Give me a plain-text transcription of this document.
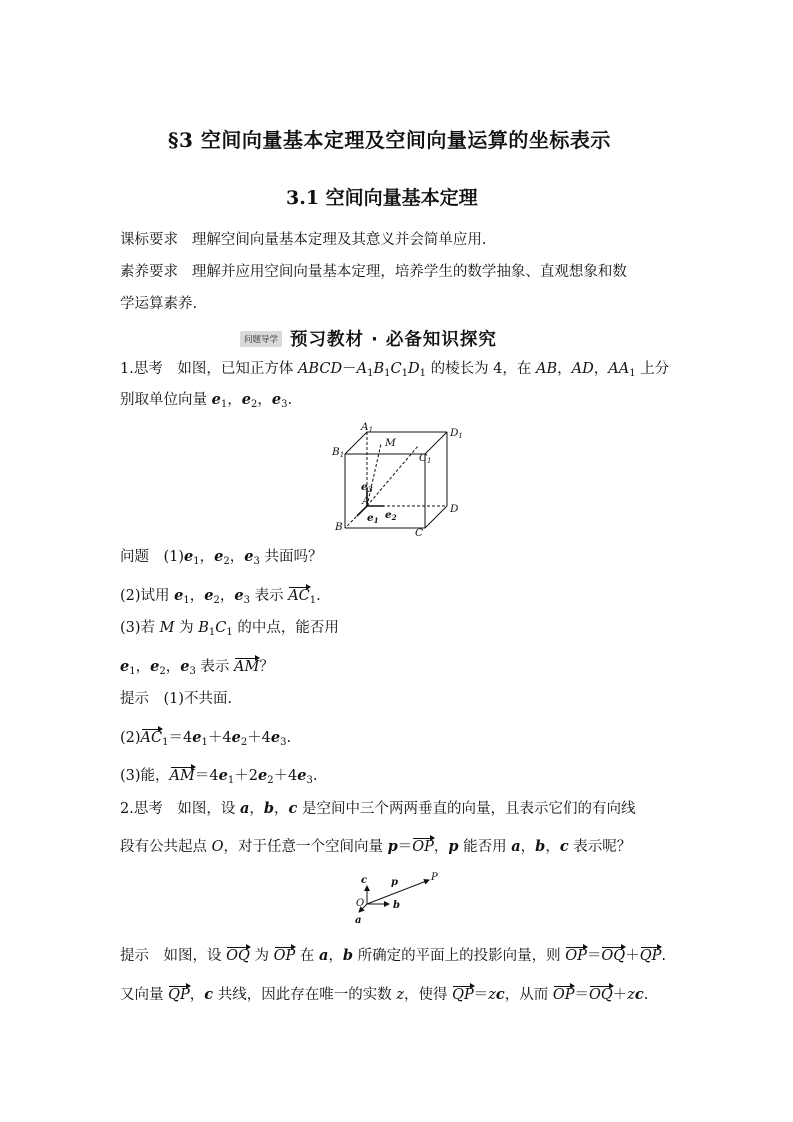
§3 空间向量基本定理及空间向量运算的坐标表示
3.1 空间向量基本定理
课标要求 理解空间向量基本定理及其意义并会简单应用.
素养要求 理解并应用空间向量基本定理，培养学生的数学抽象、直观想象和数
学运算素养.
问题导学 预习教材 · 必备知识探究
1.思考　如图，已知正方体 $ABCD-A_1B_1C_1D_1$ 的棱长为 4，在 AB，AD，$AA_1$ 上分
别取单位向量 $e_1$，$e_2$，$e_3$.
A1
M
D1
B1	C1
e3
A
D
e1 e2
B	C
问题　$(1)e_1$，$e_2$，$e_3$ 共面吗？
(2)试用 $e_1$，$e_2$，$e_3$ 表示 $AC_1$.
(3)若 M 为 $B_1C_1$ 的中点，能否用
$e_1$，$e_2$，$e_3$ 表示 AM？
提示　(1)不共面.
$(2)AC_1=4e_1+4e_2+4e_3$.
(3)能，$AM=4e_1+2e_2+4e_3$.
2.思考　如图，设 a，b，c 是空间中三个两两垂直的向量，且表示它们的有向线
段有公共起点 O，对于任意一个空间向量 p＝OP，p 能否用 a，b，c 表示呢？
c p	P
O	b
a
提示　如图，设 OQ 为 OP 在 a，b 所确定的平面上的投影向量，则 OP＝OQ＋QP.
又向量 QP，c 共线，因此存在唯一的实数 z，使得 QP＝zc，从而 OP＝OQ＋zc.
